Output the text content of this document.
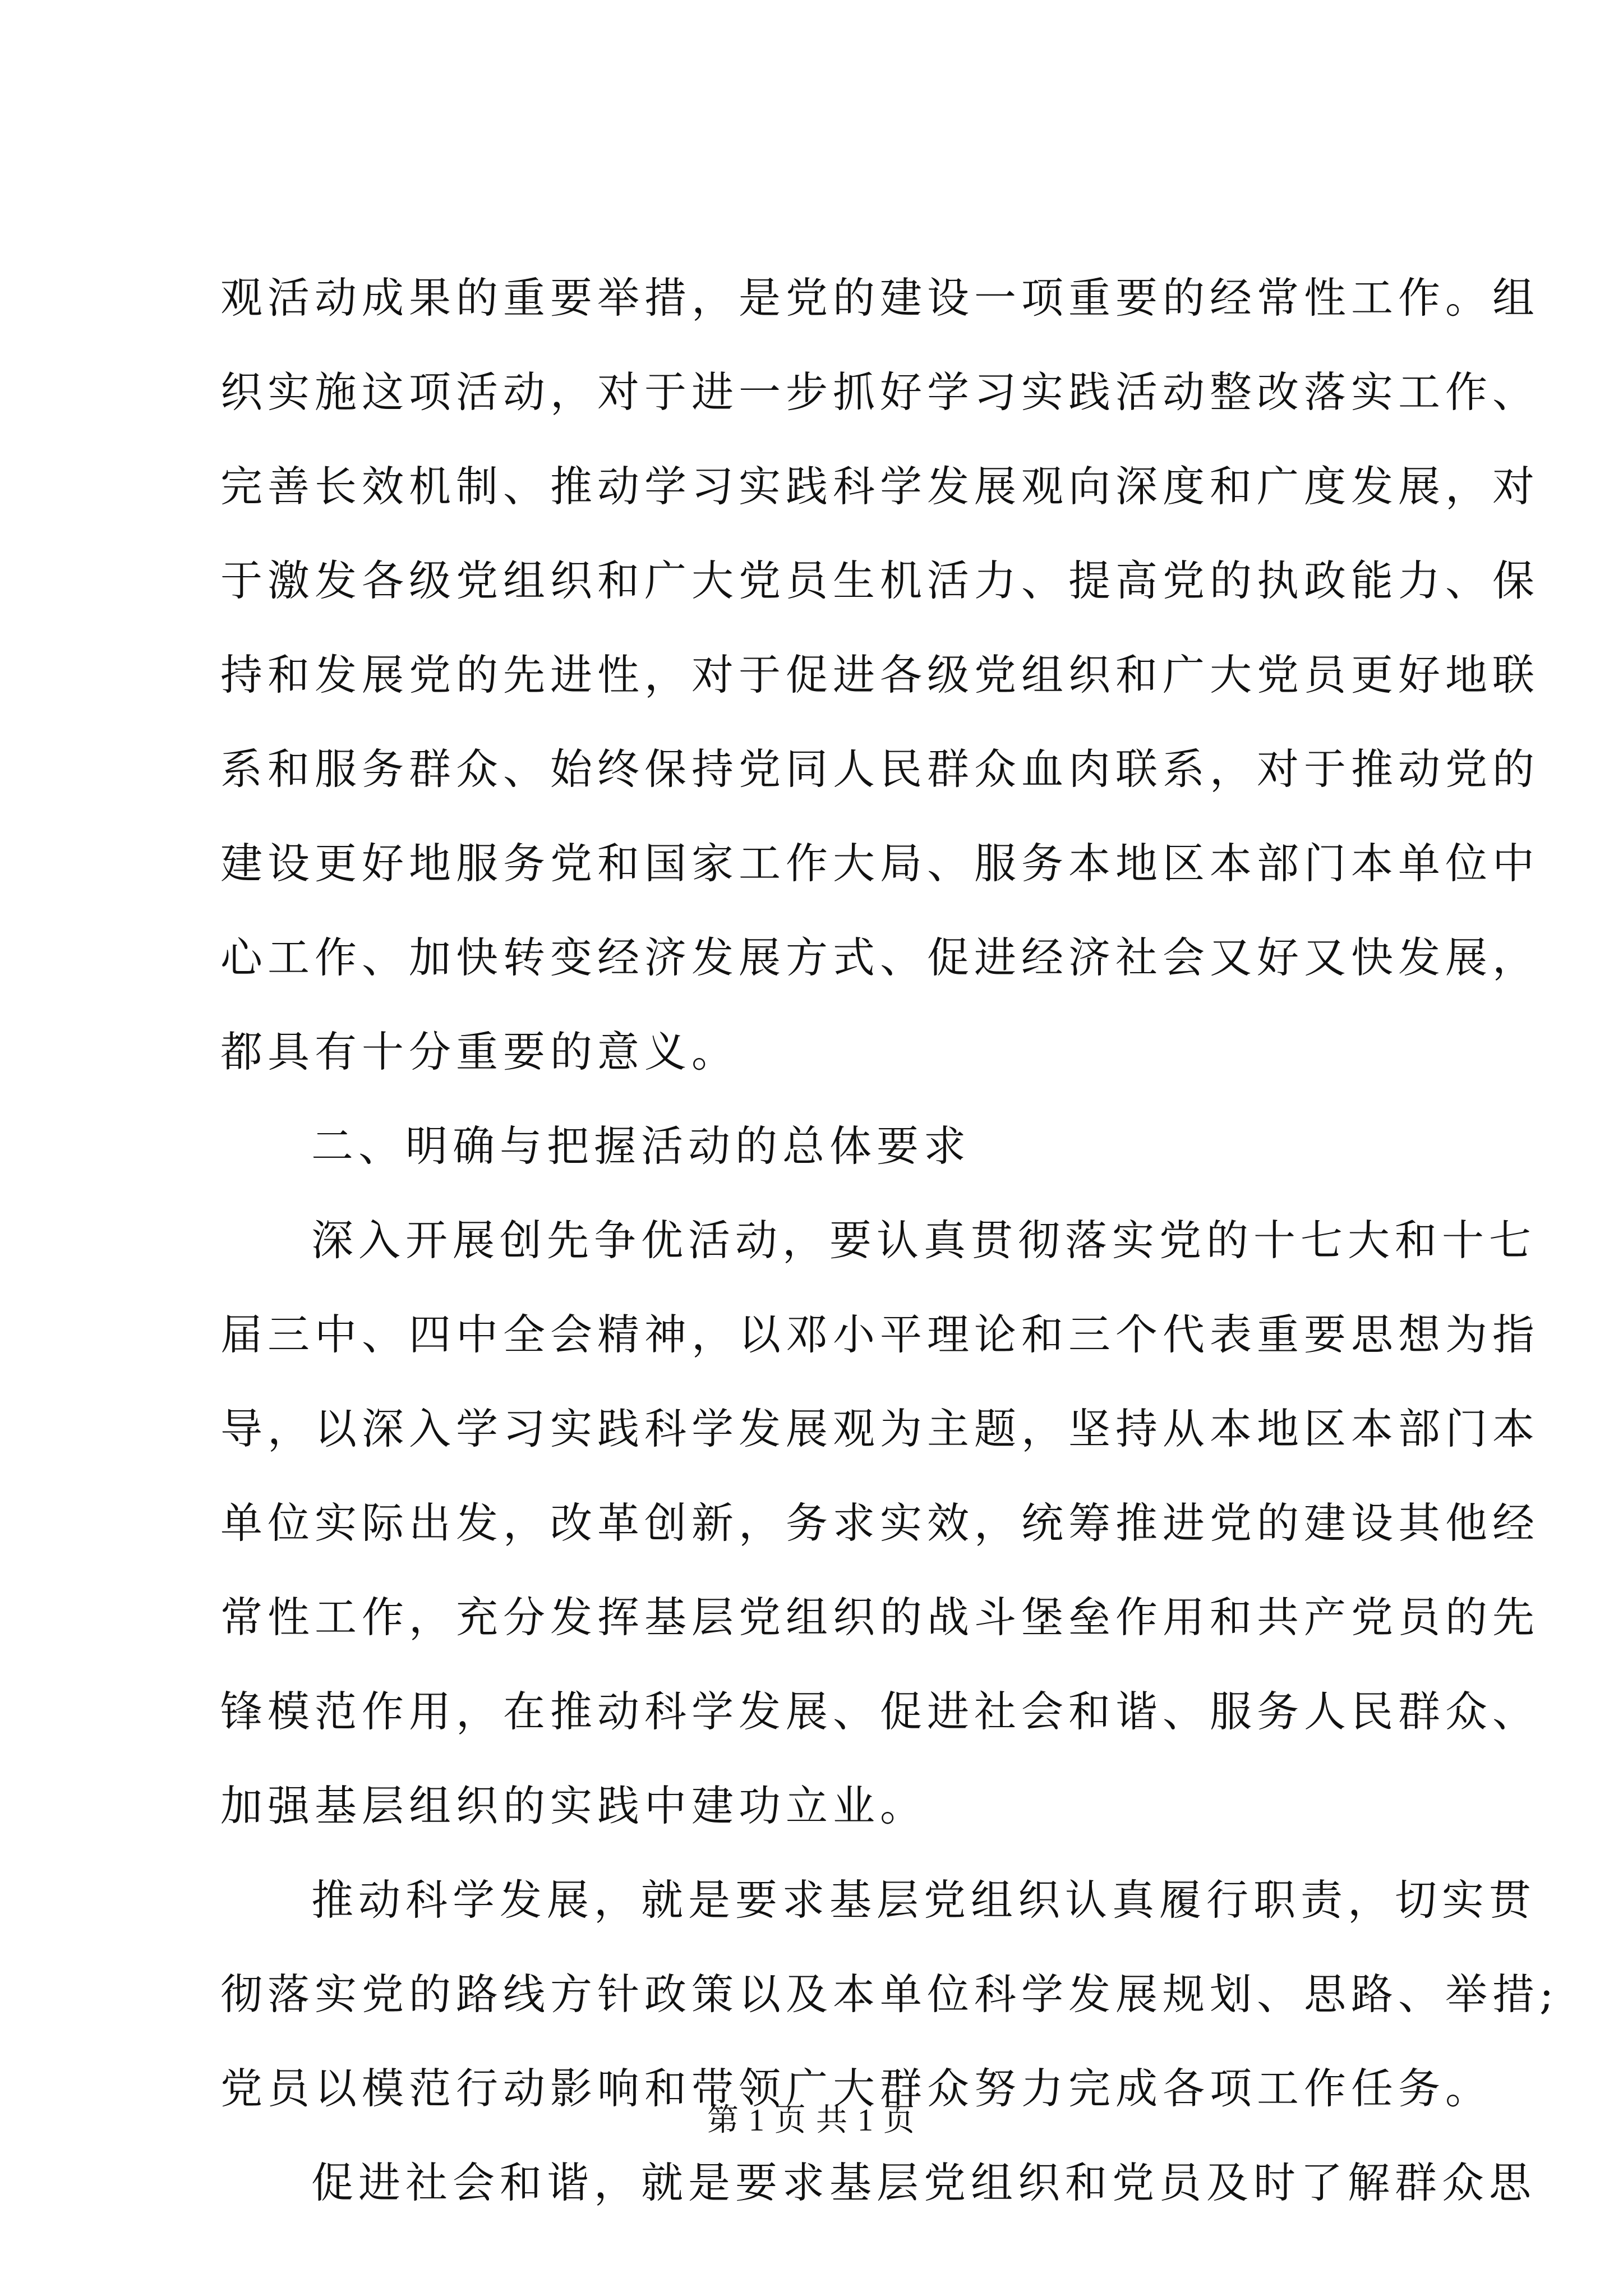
观活动成果的重要举措，是党的建设一项重要的经常性工作。组
织实施这项活动，对于进一步抓好学习实践活动整改落实工作、
完善长效机制、推动学习实践科学发展观向深度和广度发展，对
于激发各级党组织和广大党员生机活力、提高党的执政能力、保
持和发展党的先进性，对于促进各级党组织和广大党员更好地联
系和服务群众、始终保持党同人民群众血肉联系，对于推动党的
建设更好地服务党和国家工作大局、服务本地区本部门本单位中
心工作、加快转变经济发展方式、促进经济社会又好又快发展，
都具有十分重要的意义。
二、明确与把握活动的总体要求
深入开展创先争优活动，要认真贯彻落实党的十七大和十七
届三中、四中全会精神，以邓小平理论和三个代表重要思想为指
导，以深入学习实践科学发展观为主题，坚持从本地区本部门本
单位实际出发，改革创新，务求实效，统筹推进党的建设其他经
常性工作，充分发挥基层党组织的战斗堡垒作用和共产党员的先
锋模范作用，在推动科学发展、促进社会和谐、服务人民群众、
加强基层组织的实践中建功立业。
推动科学发展，就是要求基层党组织认真履行职责，切实贯
彻落实党的路线方针政策以及本单位科学发展规划、思路、举措;
党员以模范行动影响和带领广大群众努力完成各项工作任务。
促进社会和谐，就是要求基层党组织和党员及时了解群众思
第 1 页 共 1 页
